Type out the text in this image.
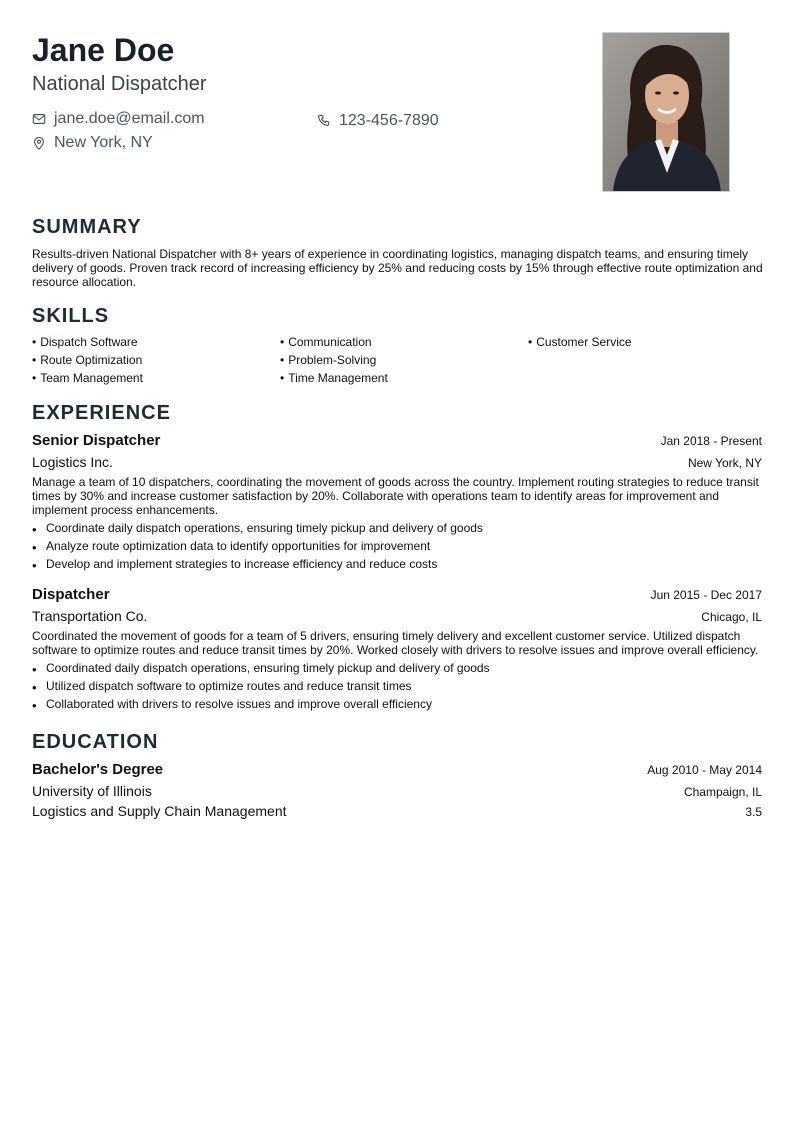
Jane Doe
National Dispatcher
jane.doe@email.com	123-456-7890
New York, NY
SUMMARY
Results-driven National Dispatcher with 8+ years of experience in coordinating logistics, managing dispatch teams, and ensuring timely delivery of goods. Proven track record of increasing efficiency by 25% and reducing costs by 15% through effective route optimization and resource allocation.
SKILLS
• Dispatch Software	• Communication	• Customer Service
• Route Optimization	• Problem-Solving
• Team Management	• Time Management
EXPERIENCE
Senior Dispatcher	Jan 2018 - Present
Logistics Inc.	New York, NY
Manage a team of 10 dispatchers, coordinating the movement of goods across the country. Implement routing strategies to reduce transit times by 30% and increase customer satisfaction by 20%. Collaborate with operations team to identify areas for improvement and implement process enhancements.
• Coordinate daily dispatch operations, ensuring timely pickup and delivery of goods
• Analyze route optimization data to identify opportunities for improvement
• Develop and implement strategies to increase efficiency and reduce costs
Dispatcher	Jun 2015 - Dec 2017
Transportation Co.	Chicago, IL
Coordinated the movement of goods for a team of 5 drivers, ensuring timely delivery and excellent customer service. Utilized dispatch software to optimize routes and reduce transit times by 20%. Worked closely with drivers to resolve issues and improve overall efficiency.
• Coordinated daily dispatch operations, ensuring timely pickup and delivery of goods
• Utilized dispatch software to optimize routes and reduce transit times
• Collaborated with drivers to resolve issues and improve overall efficiency
EDUCATION
Bachelor's Degree	Aug 2010 - May 2014
University of Illinois	Champaign, IL
Logistics and Supply Chain Management	3.5
